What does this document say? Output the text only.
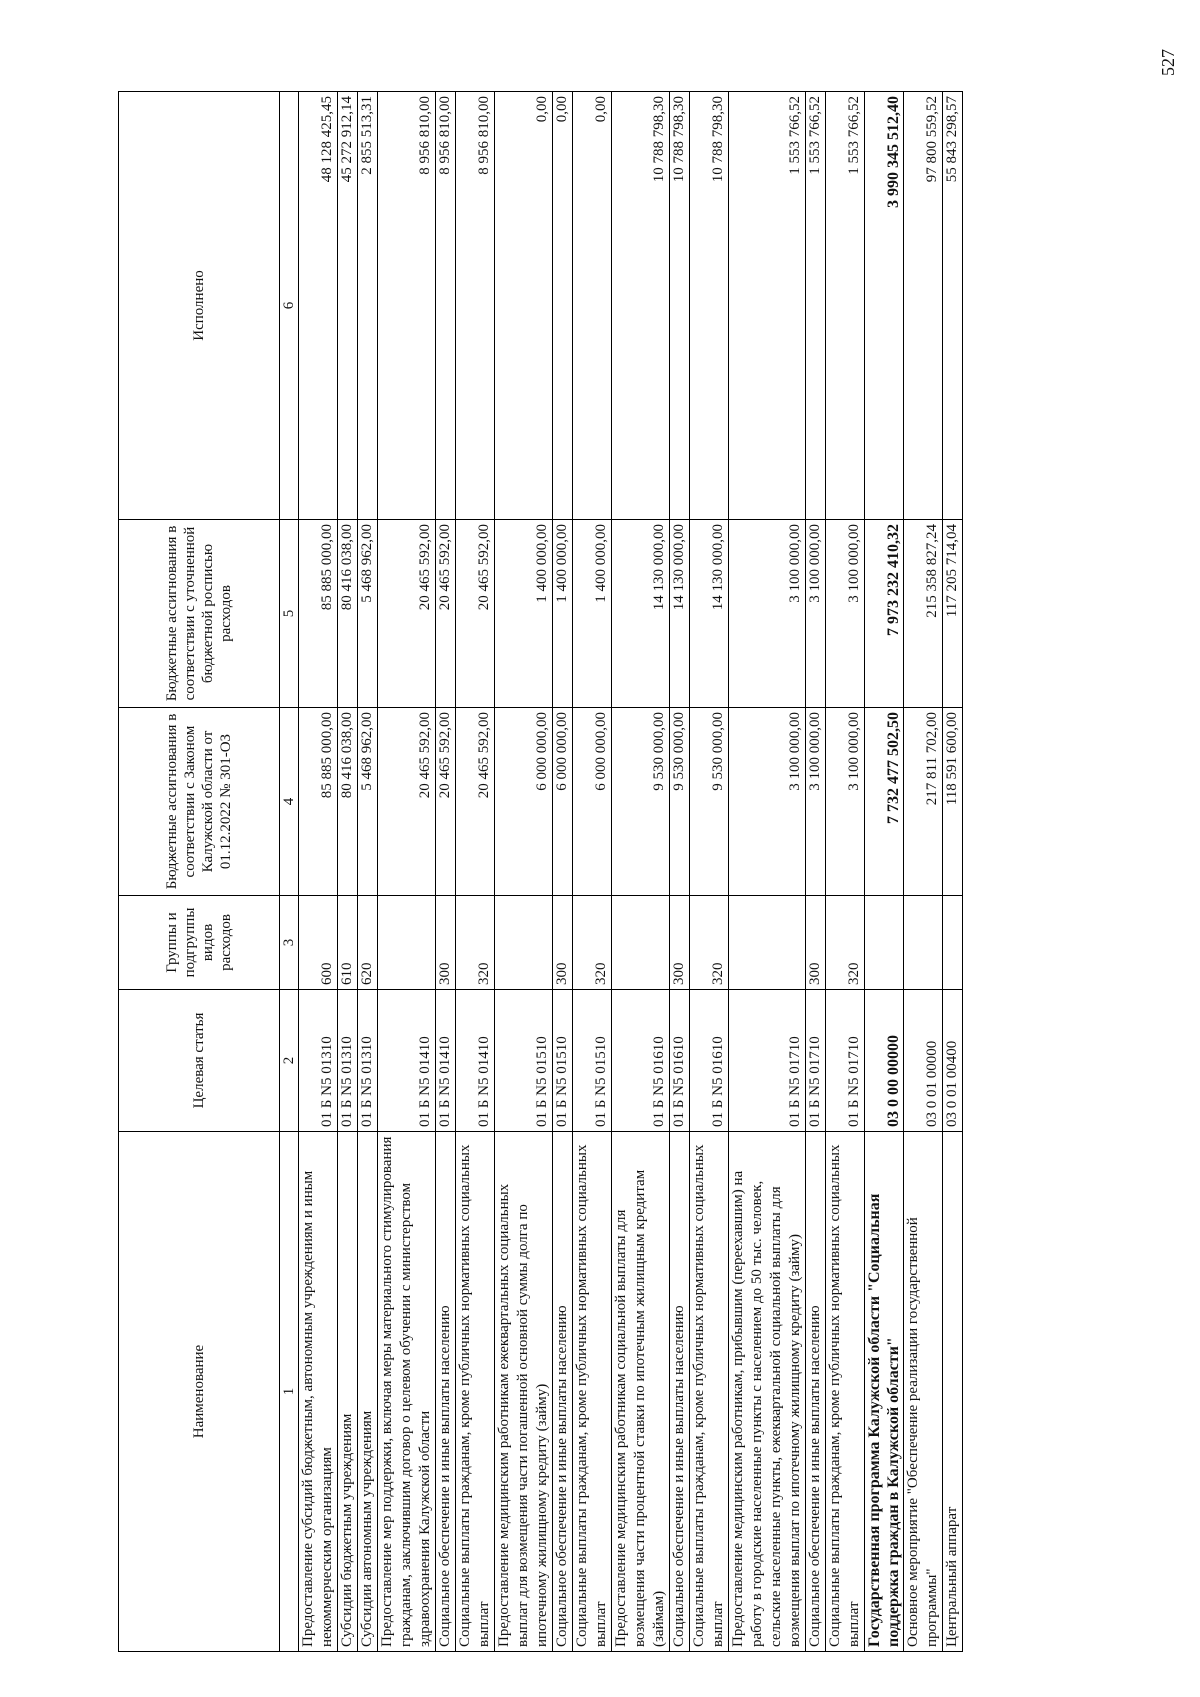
527
Наименование	Целевая статья	Группы и подгруппы видов расходов	Бюджетные ассигнования в соответствии с Законом Калужской области от 01.12.2022 № 301-ОЗ	Бюджетные ассигнования в соответствии с уточненной бюджетной росписью расходов	Исполнено
1	2	3	4	5	6
Предоставление субсидий бюджетным, автономным учреждениям и иным некоммерческим организациям	01 Б N5 01310	600	85 885 000,00	85 885 000,00	48 128 425,45
Субсидии бюджетным учреждениям	01 Б N5 01310	610	80 416 038,00	80 416 038,00	45 272 912,14
Субсидии автономным учреждениям	01 Б N5 01310	620	5 468 962,00	5 468 962,00	2 855 513,31
Предоставление мер поддержки, включая меры материального стимулирования гражданам, заключившим договор о целевом обучении с министерством здравоохранения Калужской области	01 Б N5 01410		20 465 592,00	20 465 592,00	8 956 810,00
Социальное обеспечение и иные выплаты населению	01 Б N5 01410	300	20 465 592,00	20 465 592,00	8 956 810,00
Социальные выплаты гражданам, кроме публичных нормативных социальных выплат	01 Б N5 01410	320	20 465 592,00	20 465 592,00	8 956 810,00
Предоставление медицинским работникам ежеквартальных социальных выплат для возмещения части погашенной основной суммы долга по ипотечному жилищному кредиту (займу)	01 Б N5 01510		6 000 000,00	1 400 000,00	0,00
Социальное обеспечение и иные выплаты населению	01 Б N5 01510	300	6 000 000,00	1 400 000,00	0,00
Социальные выплаты гражданам, кроме публичных нормативных социальных выплат	01 Б N5 01510	320	6 000 000,00	1 400 000,00	0,00
Предоставление медицинским работникам социальной выплаты для возмещения части процентной ставки по ипотечным жилищным кредитам (займам)	01 Б N5 01610		9 530 000,00	14 130 000,00	10 788 798,30
Социальное обеспечение и иные выплаты населению	01 Б N5 01610	300	9 530 000,00	14 130 000,00	10 788 798,30
Социальные выплаты гражданам, кроме публичных нормативных социальных выплат	01 Б N5 01610	320	9 530 000,00	14 130 000,00	10 788 798,30
Предоставление медицинским работникам, прибывшим (переехавшим) на работу в городские населенные пункты с населением до 50 тыс. человек, сельские населенные пункты, ежеквартальной социальной выплаты для возмещения выплат по ипотечному жилищному кредиту (займу)	01 Б N5 01710		3 100 000,00	3 100 000,00	1 553 766,52
Социальное обеспечение и иные выплаты населению	01 Б N5 01710	300	3 100 000,00	3 100 000,00	1 553 766,52
Социальные выплаты гражданам, кроме публичных нормативных социальных выплат	01 Б N5 01710	320	3 100 000,00	3 100 000,00	1 553 766,52
Государственная программа Калужской области "Социальная поддержка граждан в Калужской области"	03 0 00 00000		7 732 477 502,50	7 973 232 410,32	3 990 345 512,40
Основное мероприятие "Обеспечение реализации государственной программы"	03 0 01 00000		217 811 702,00	215 358 827,24	97 800 559,52
Центральный аппарат	03 0 01 00400		118 591 600,00	117 205 714,04	55 843 298,57
